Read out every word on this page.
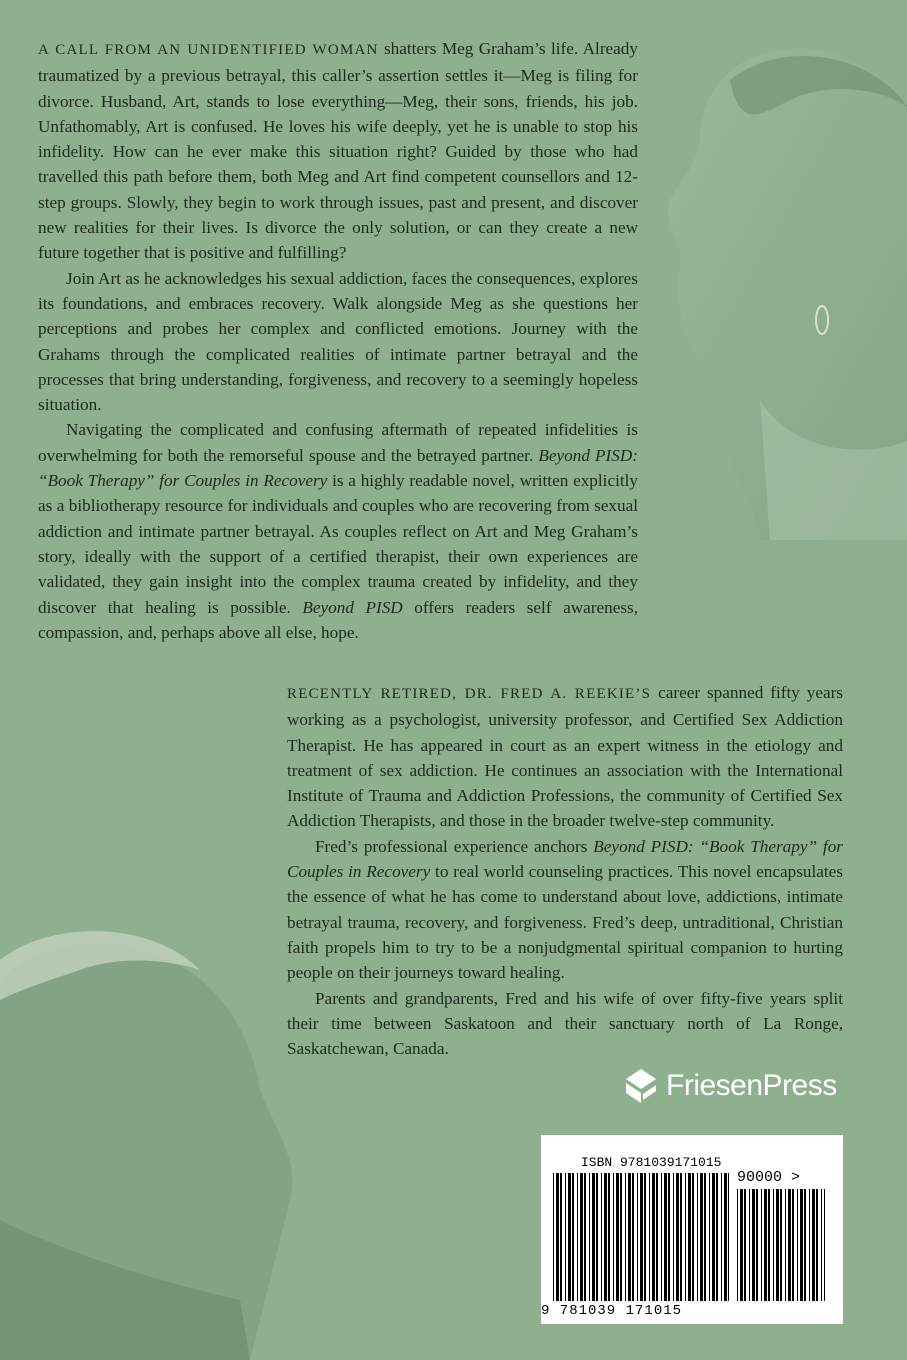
A CALL FROM AN UNIDENTIFIED WOMAN shatters Meg Graham’s life. Already traumatized by a previous betrayal, this caller’s assertion settles it—Meg is filing for divorce. Husband, Art, stands to lose everything—Meg, their sons, friends, his job. Unfathomably, Art is confused. He loves his wife deeply, yet he is unable to stop his infidelity. How can he ever make this situation right? Guided by those who had travelled this path before them, both Meg and Art find competent counsellors and 12-step groups. Slowly, they begin to work through issues, past and present, and discover new realities for their lives. Is divorce the only solution, or can they create a new future together that is positive and fulfilling?

Join Art as he acknowledges his sexual addiction, faces the consequences, explores its foundations, and embraces recovery. Walk alongside Meg as she questions her perceptions and probes her complex and conflicted emotions. Journey with the Grahams through the complicated realities of intimate partner betrayal and the processes that bring understanding, forgiveness, and recovery to a seemingly hopeless situation.

Navigating the complicated and confusing aftermath of repeated infidelities is overwhelming for both the remorseful spouse and the betrayed partner. Beyond PISD: “Book Therapy” for Couples in Recovery is a highly readable novel, written explicitly as a bibliotherapy resource for individuals and couples who are recovering from sexual addiction and intimate partner betrayal. As couples reflect on Art and Meg Graham’s story, ideally with the support of a certified therapist, their own experiences are validated, they gain insight into the complex trauma created by infidelity, and they discover that healing is possible. Beyond PISD offers readers self awareness, compassion, and, perhaps above all else, hope.

RECENTLY RETIRED, DR. FRED A. REEKIE’S career spanned fifty years working as a psychologist, university professor, and Certified Sex Addiction Therapist. He has appeared in court as an expert witness in the etiology and treatment of sex addiction. He continues an association with the International Institute of Trauma and Addiction Professions, the community of Certified Sex Addiction Therapists, and those in the broader twelve-step community.

Fred’s professional experience anchors Beyond PISD: “Book Therapy” for Couples in Recovery to real world counseling practices. This novel encapsulates the essence of what he has come to understand about love, addictions, intimate betrayal trauma, recovery, and forgiveness. Fred’s deep, untraditional, Christian faith propels him to try to be a nonjudgmental spiritual companion to hurting people on their journeys toward healing.

Parents and grandparents, Fred and his wife of over fifty-five years split their time between Saskatoon and their sanctuary north of La Ronge, Saskatchewan, Canada.

FriesenPress
ISBN 9781039171015
90000 >
9 781039 171015
